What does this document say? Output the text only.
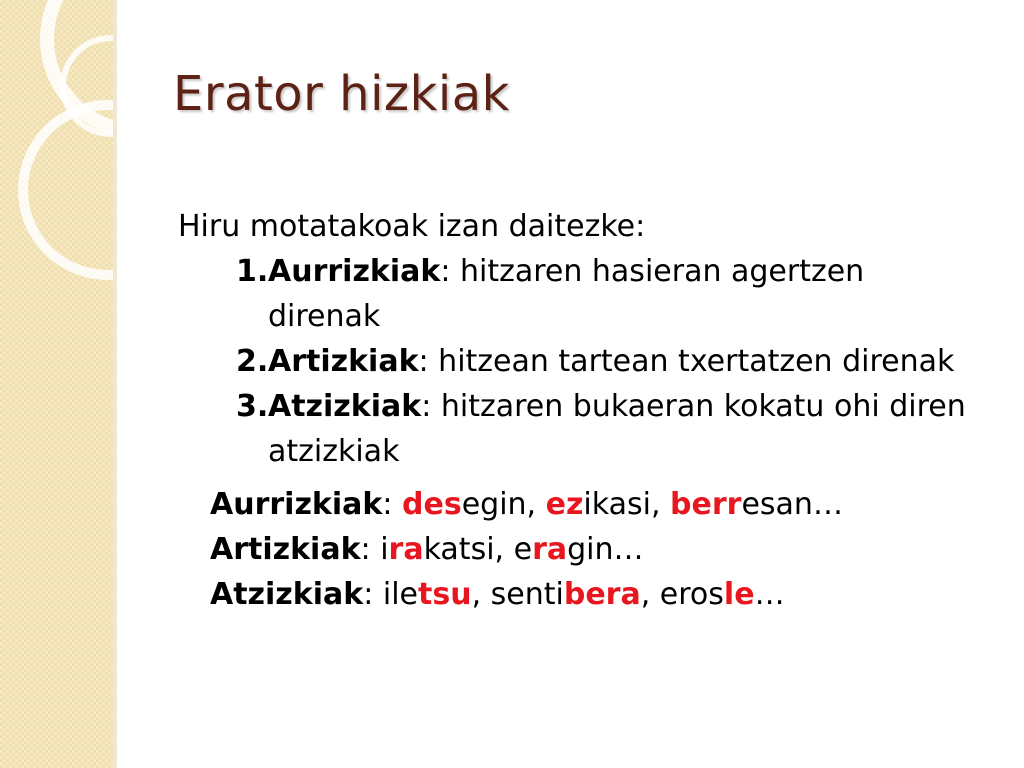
Erator hizkiak
Hiru motatakoak izan daitezke:
1. Aurrizkiak: hitzaren hasieran agertzen direnak
2. Artizkiak: hitzean tartean txertatzen direnak
3. Atzizkiak: hitzaren bukaeran kokatu ohi diren atzizkiak
Aurrizkiak: desegin, ezikasi, berresan…
Artizkiak: irakatsi, eragin…
Atzizkiak: iletsu, sentibera, erosle…
